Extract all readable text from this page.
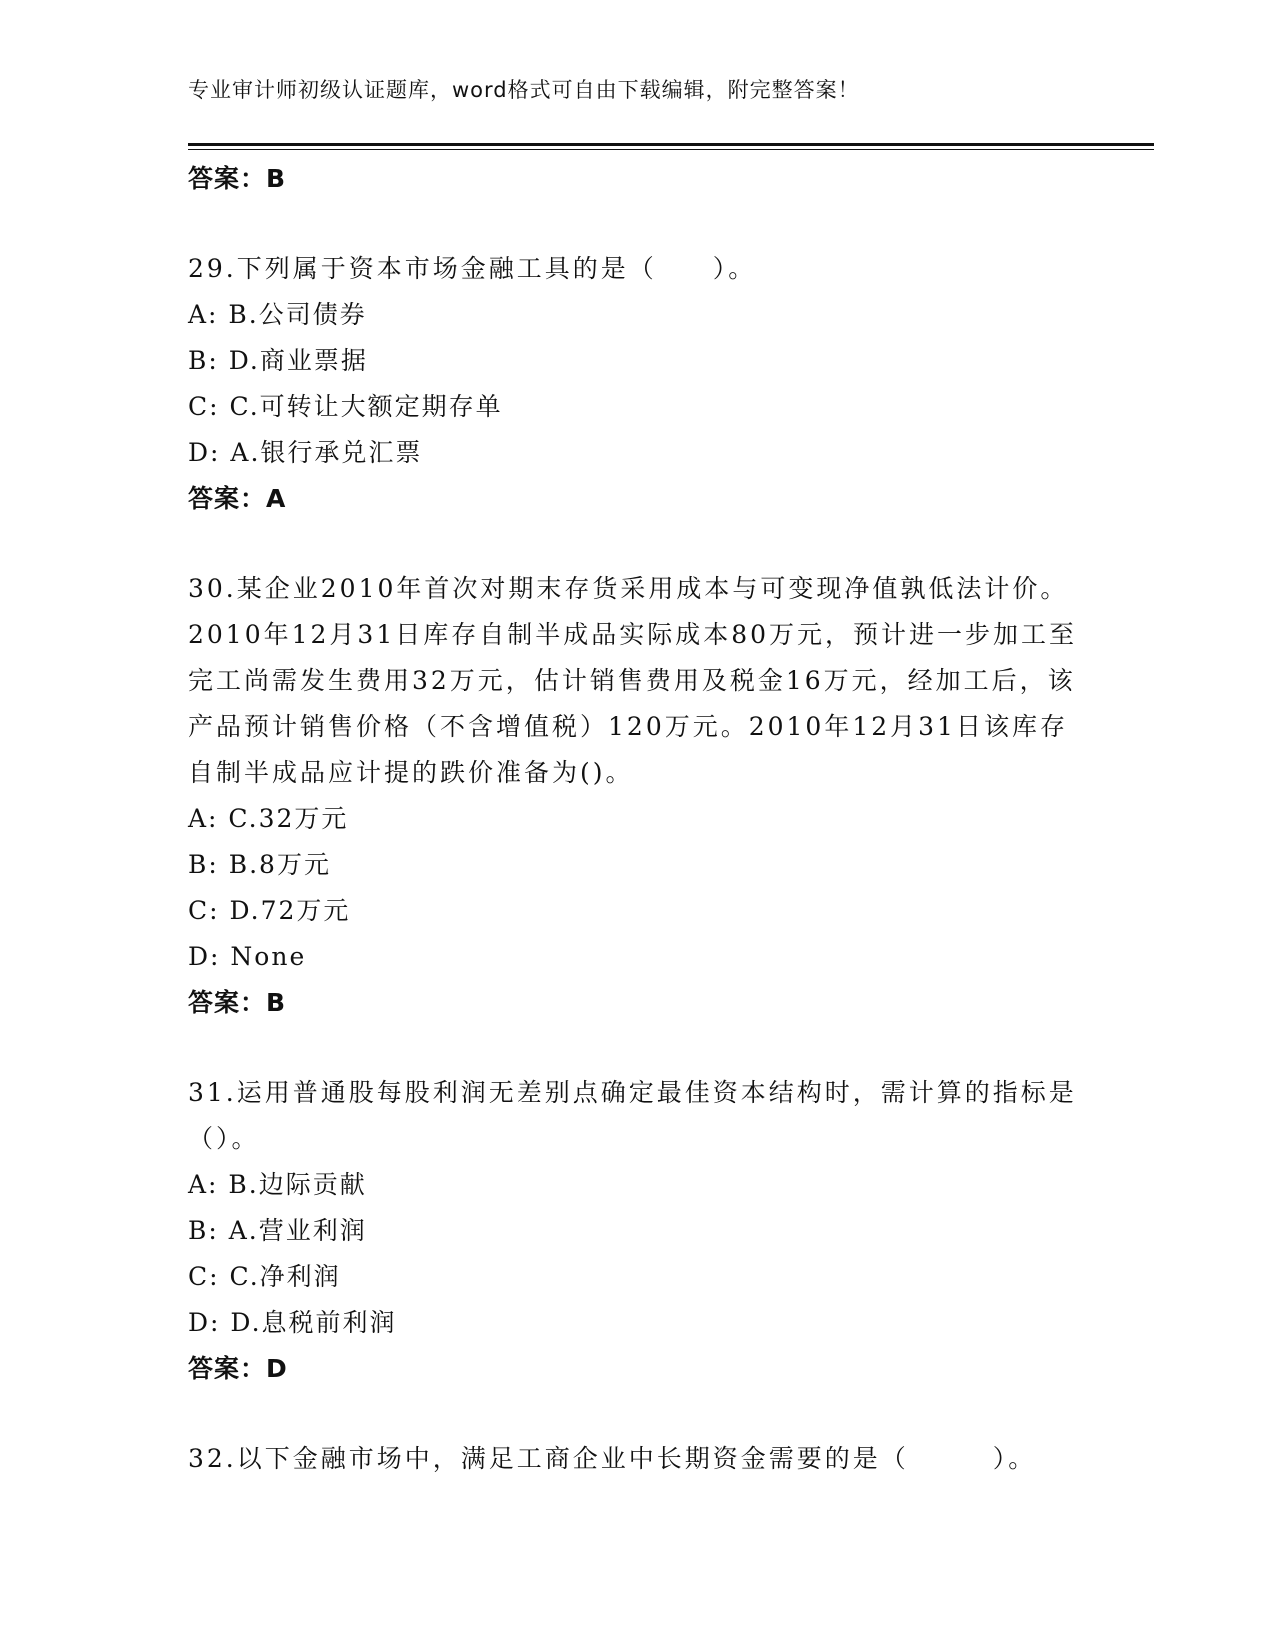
专业审计师初级认证题库，word格式可自由下载编辑，附完整答案！
答案：B
29.下列属于资本市场金融工具的是（　　）。
A: B.公司债券
B: D.商业票据
C: C.可转让大额定期存单
D: A.银行承兑汇票
答案：A
30.某企业2010年首次对期末存货采用成本与可变现净值孰低法计价。2010年12月31日库存自制半成品实际成本80万元，预计进一步加工至完工尚需发生费用32万元，估计销售费用及税金16万元，经加工后，该产品预计销售价格（不含增值税）120万元。2010年12月31日该库存自制半成品应计提的跌价准备为()。
A: C.32万元
B: B.8万元
C: D.72万元
D: None
答案：B
31.运用普通股每股利润无差别点确定最佳资本结构时，需计算的指标是（）。
A: B.边际贡献
B: A.营业利润
C: C.净利润
D: D.息税前利润
答案：D
32.以下金融市场中，满足工商企业中长期资金需要的是（　　　）。
